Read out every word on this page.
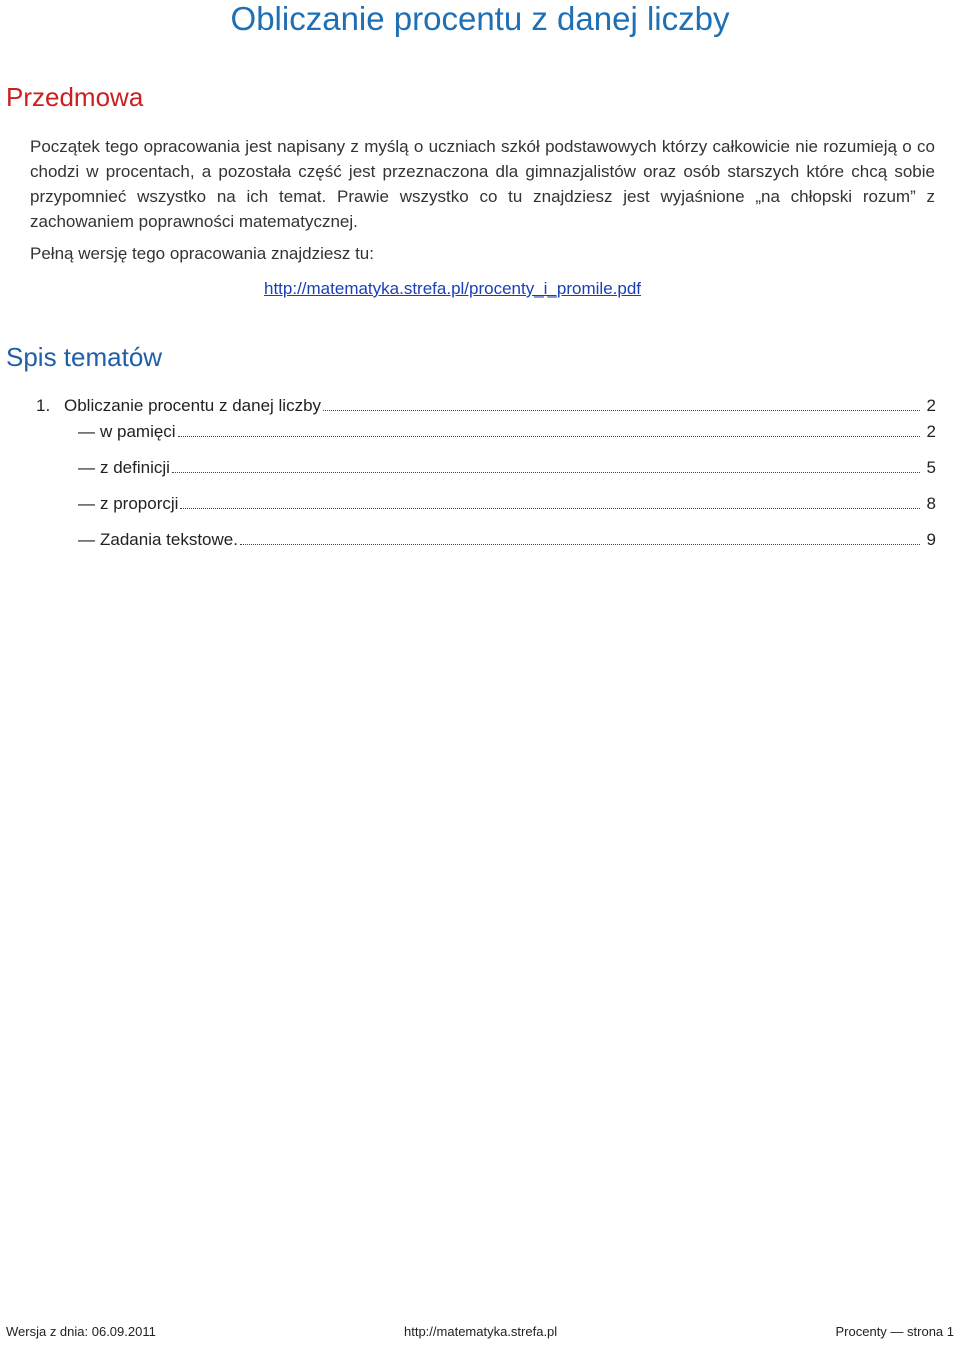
Obliczanie procentu z danej liczby
Przedmowa

Początek tego opracowania jest napisany z myślą o uczniach szkół podstawowych którzy całkowicie nie rozumieją o co chodzi w procentach, a pozostała część jest przeznaczona dla gimnazjalistów oraz osób starszych które chcą sobie przypomnieć wszystko na ich temat. Prawie wszystko co tu znajdziesz jest wyjaśnione „na chłopski rozum” z zachowaniem poprawności matematycznej.

Pełną wersję tego opracowania znajdziesz tu:

http://matematyka.strefa.pl/procenty_i_promile.pdf
Spis tematów
1. Obliczanie procentu z danej liczby	2
— w pamięci	2
— z definicji	5
— z proporcji	8
— Zadania tekstowe.	9
Wersja z dnia: 06.09.2011	http://matematyka.strefa.pl	Procenty — strona 1
